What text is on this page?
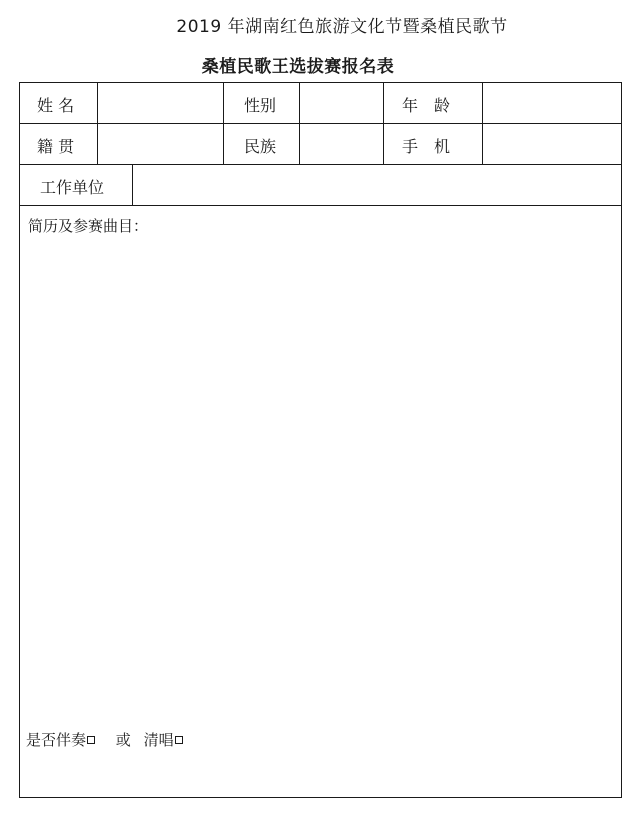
2019 年湖南红色旅游文化节暨桑植民歌节
桑植民歌王选拔赛报名表
姓 名	性别	年　龄
籍 贯	民族	手　机
工作单位
简历及参赛曲目：
是否伴奏 或 清唱
